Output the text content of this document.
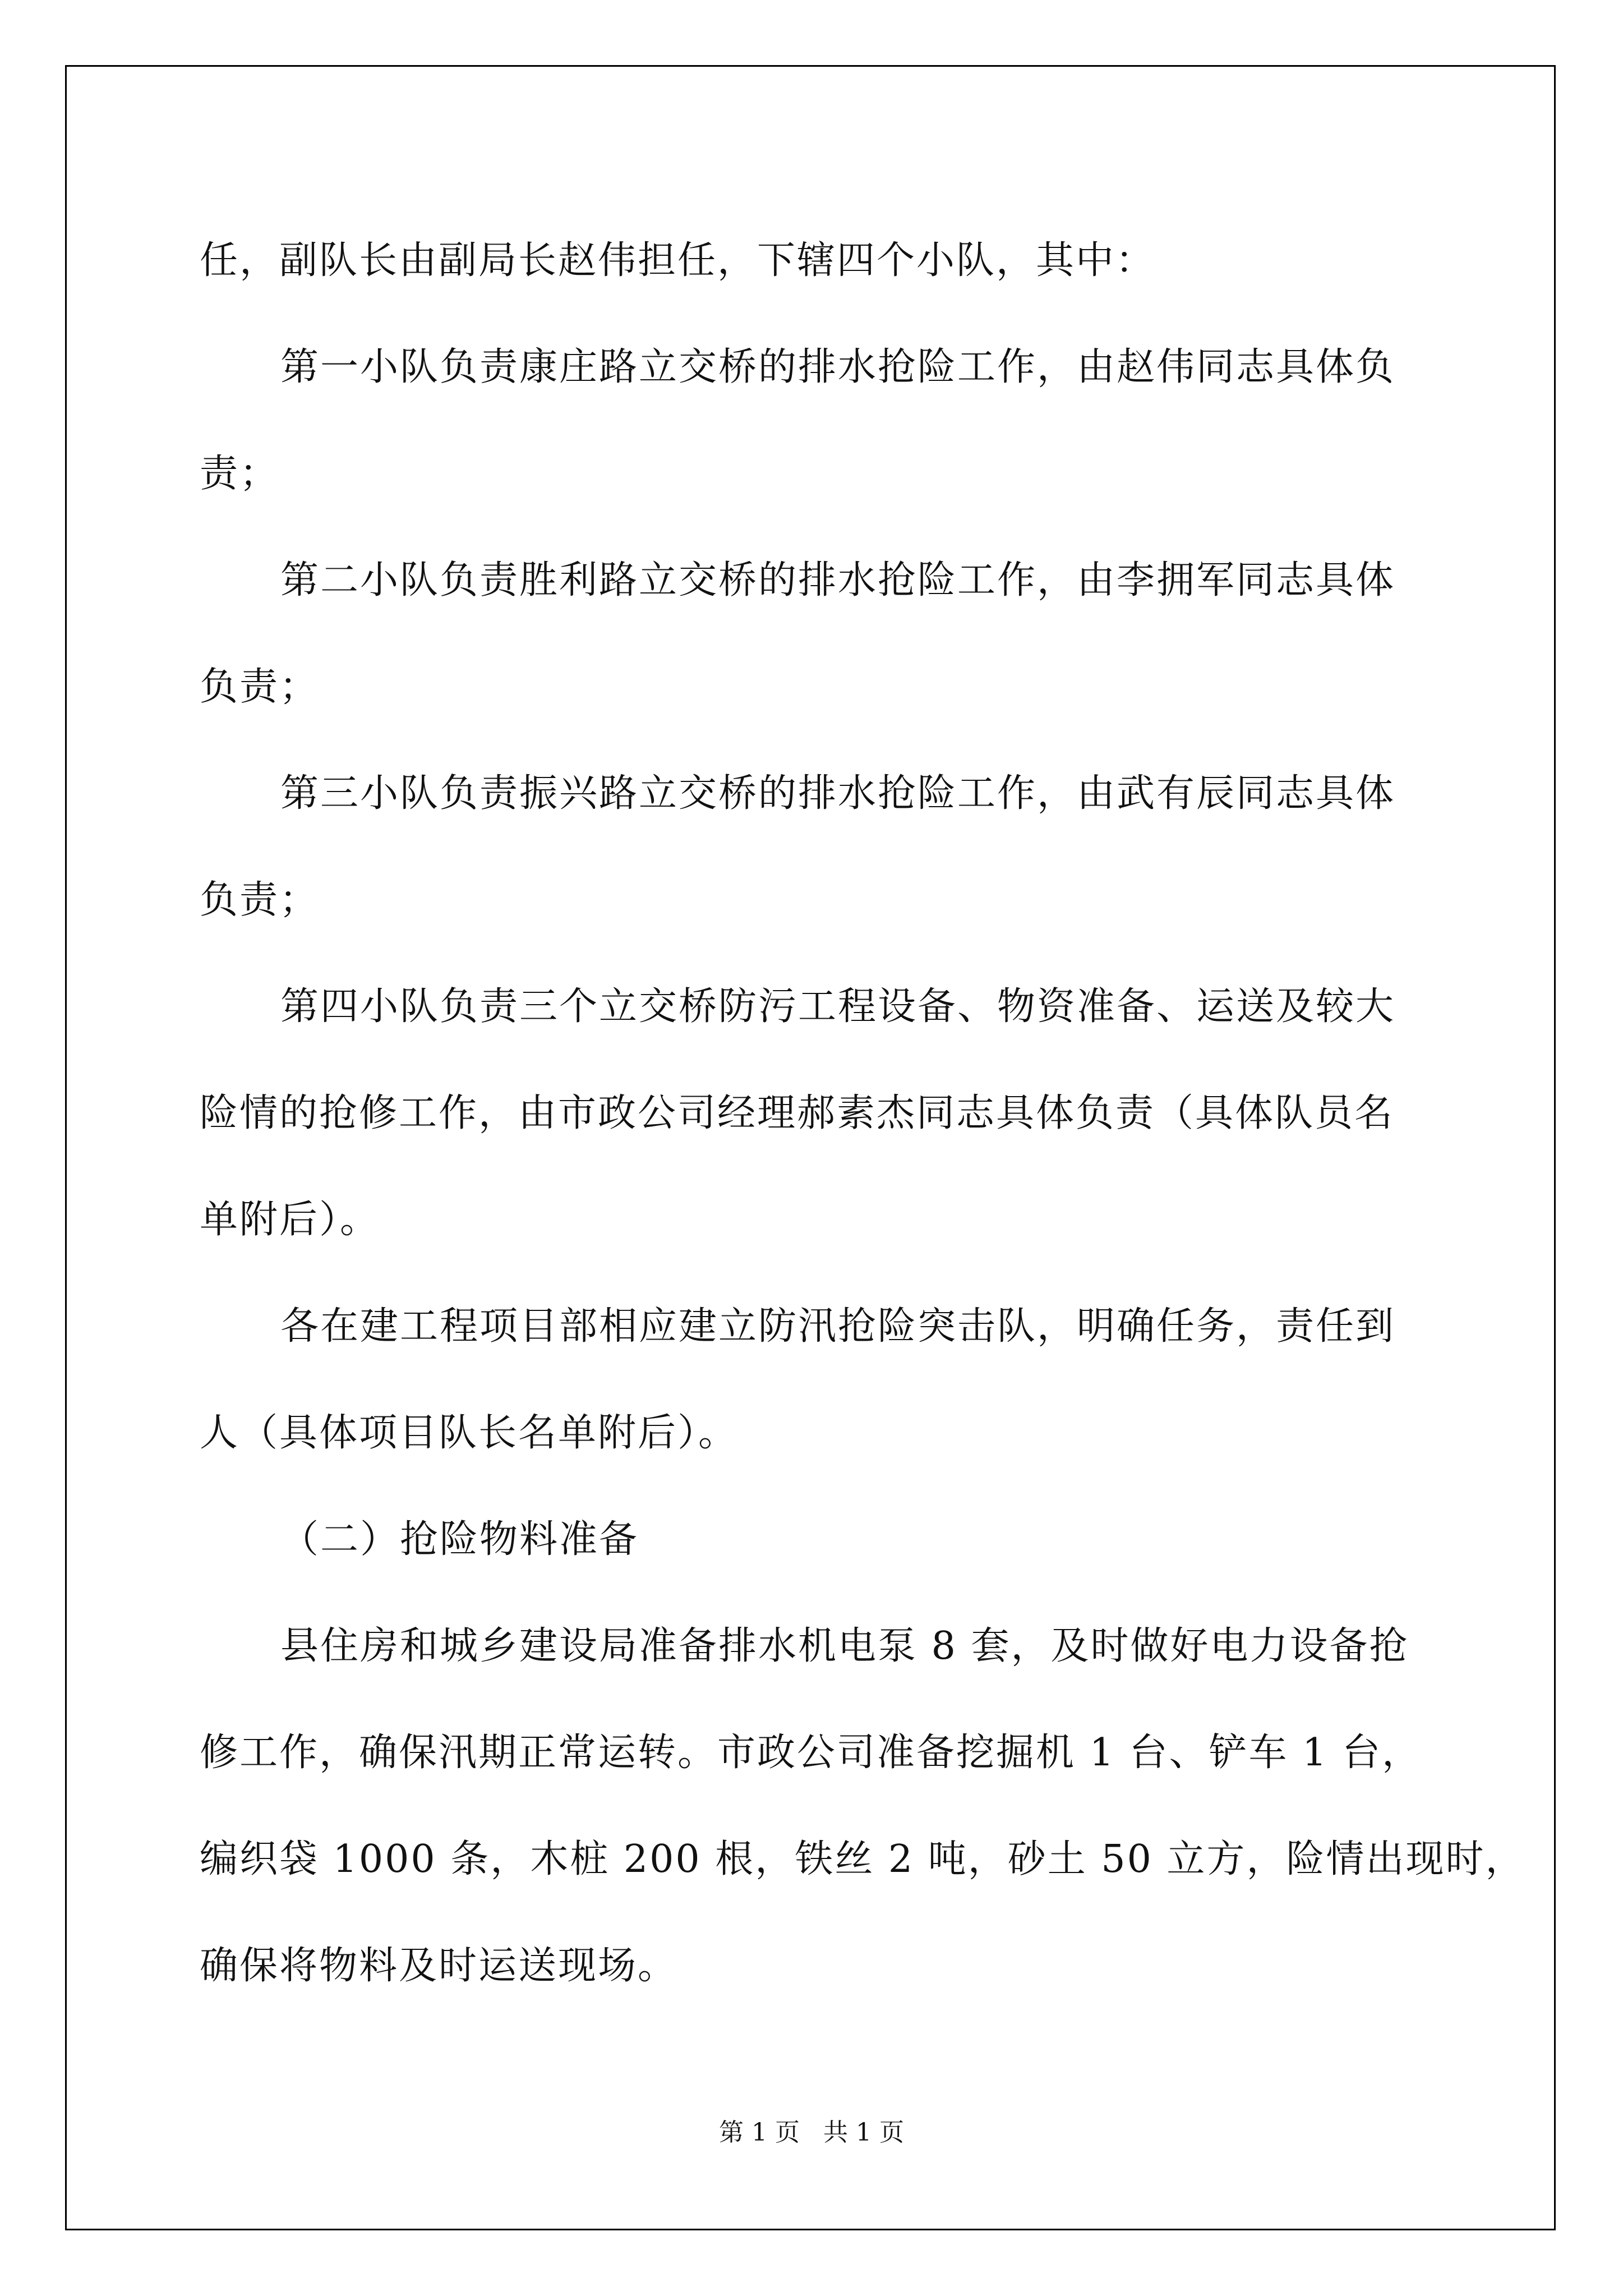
任，副队长由副局长赵伟担任，下辖四个小队，其中：
第一小队负责康庄路立交桥的排水抢险工作，由赵伟同志具体负
责；
第二小队负责胜利路立交桥的排水抢险工作，由李拥军同志具体
负责；
第三小队负责振兴路立交桥的排水抢险工作，由武有辰同志具体
负责；
第四小队负责三个立交桥防污工程设备、物资准备、运送及较大
险情的抢修工作，由市政公司经理郝素杰同志具体负责（具体队员名
单附后）。
各在建工程项目部相应建立防汛抢险突击队，明确任务，责任到
人（具体项目队长名单附后）。
（二）抢险物料准备
县住房和城乡建设局准备排水机电泵 8 套，及时做好电力设备抢
修工作，确保汛期正常运转。市政公司准备挖掘机 1 台、铲车 1 台，
编织袋 1000 条，木桩 200 根，铁丝 2 吨，砂土 50 立方，险情出现时，
确保将物料及时运送现场。
第 1 页   共 1 页
